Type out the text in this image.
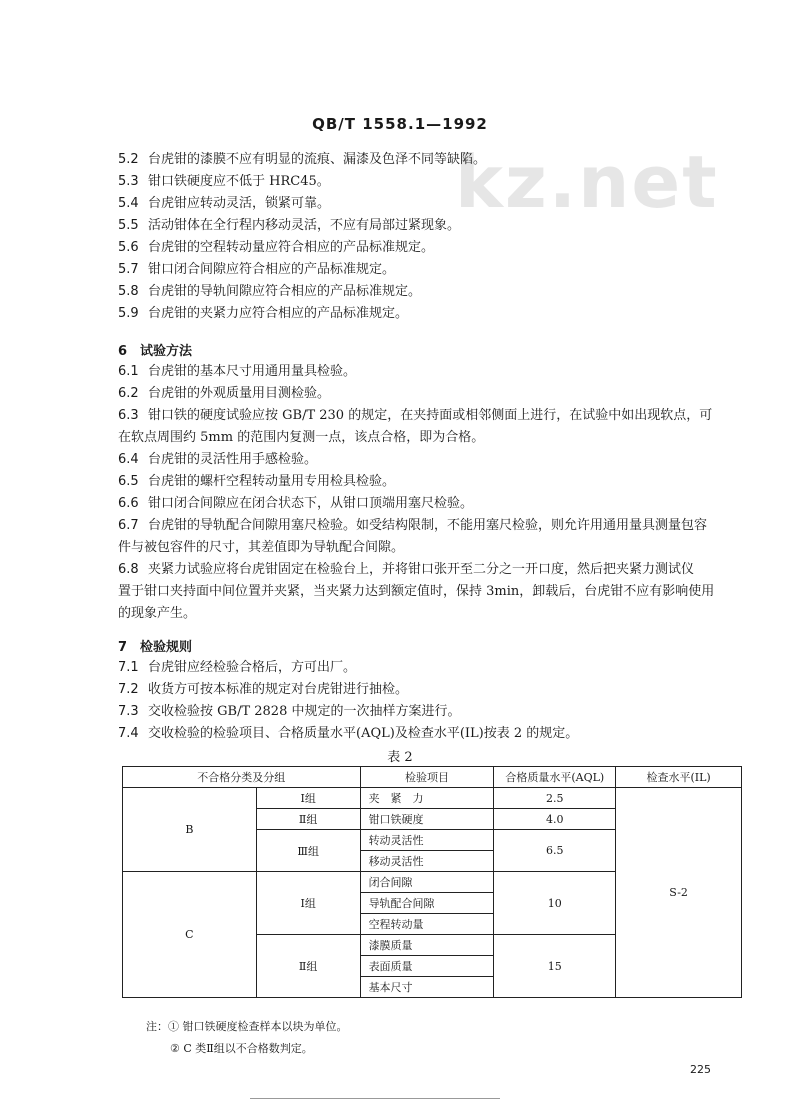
kz.net
QB/T 1558.1—1992
5.2 台虎钳的漆膜不应有明显的流痕、漏漆及色泽不同等缺陷。
5.3 钳口铁硬度应不低于 HRC45。
5.4 台虎钳应转动灵活，锁紧可靠。
5.5 活动钳体在全行程内移动灵活，不应有局部过紧现象。
5.6 台虎钳的空程转动量应符合相应的产品标准规定。
5.7 钳口闭合间隙应符合相应的产品标准规定。
5.8 台虎钳的导轨间隙应符合相应的产品标准规定。
5.9 台虎钳的夹紧力应符合相应的产品标准规定。
6 试验方法
6.1 台虎钳的基本尺寸用通用量具检验。
6.2 台虎钳的外观质量用目测检验。
6.3 钳口铁的硬度试验应按 GB/T 230 的规定，在夹持面或相邻侧面上进行，在试验中如出现软点，可
在软点周围约 5mm 的范围内复测一点，该点合格，即为合格。
6.4 台虎钳的灵活性用手感检验。
6.5 台虎钳的螺杆空程转动量用专用检具检验。
6.6 钳口闭合间隙应在闭合状态下，从钳口顶端用塞尺检验。
6.7 台虎钳的导轨配合间隙用塞尺检验。如受结构限制，不能用塞尺检验，则允许用通用量具测量包容
件与被包容件的尺寸，其差值即为导轨配合间隙。
6.8 夹紧力试验应将台虎钳固定在检验台上，并将钳口张开至二分之一开口度，然后把夹紧力测试仪
置于钳口夹持面中间位置并夹紧，当夹紧力达到额定值时，保持 3min，卸载后，台虎钳不应有影响使用
的现象产生。
7 检验规则
7.1 台虎钳应经检验合格后，方可出厂。
7.2 收货方可按本标准的规定对台虎钳进行抽检。
7.3 交收检验按 GB/T 2828 中规定的一次抽样方案进行。
7.4 交收检验的检验项目、合格质量水平(AQL)及检查水平(IL)按表 2 的规定。
表 2
不合格分类及分组		检验项目	合格质量水平(AQL)	检查水平(IL)
B	Ⅰ组	夹　紧　力	2.5	S-2
	Ⅱ组	钳口铁硬度	4.0	
	Ⅲ组	转动灵活性	6.5	
		移动灵活性		
C	Ⅰ组	闭合间隙	10	
		导轨配合间隙		
		空程转动量		
	Ⅱ组	漆膜质量	15	
		表面质量		
		基本尺寸		
注：① 钳口铁硬度检查样本以块为单位。
② C 类Ⅱ组以不合格数判定。
225
